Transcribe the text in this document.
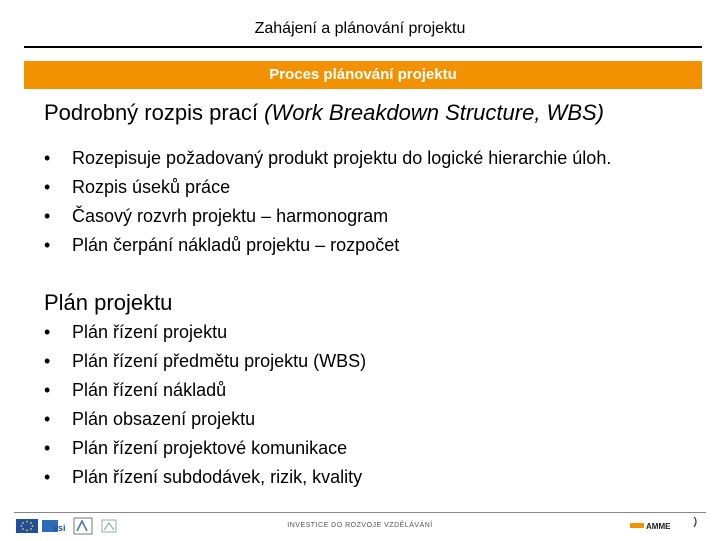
Zahájení a plánování projektu
Proces plánování projektu
Podrobný rozpis prací (Work Breakdown Structure, WBS)
• Rozepisuje požadovaný produkt projektu do logické hierarchie úloh.
• Rozpis úseků práce
• Časový rozvrh projektu – harmonogram
• Plán čerpání nákladů projektu – rozpočet
Plán projektu
• Plán řízení projektu
• Plán řízení předmětu projektu (WBS)
• Plán řízení nákladů
• Plán obsazení projektu
• Plán řízení projektové komunikace
• Plán řízení subdodávek, rizik, kvality
ssi	INVESTICE DO ROZVOJE VZDĚLÁVÁNÍ	AMME
